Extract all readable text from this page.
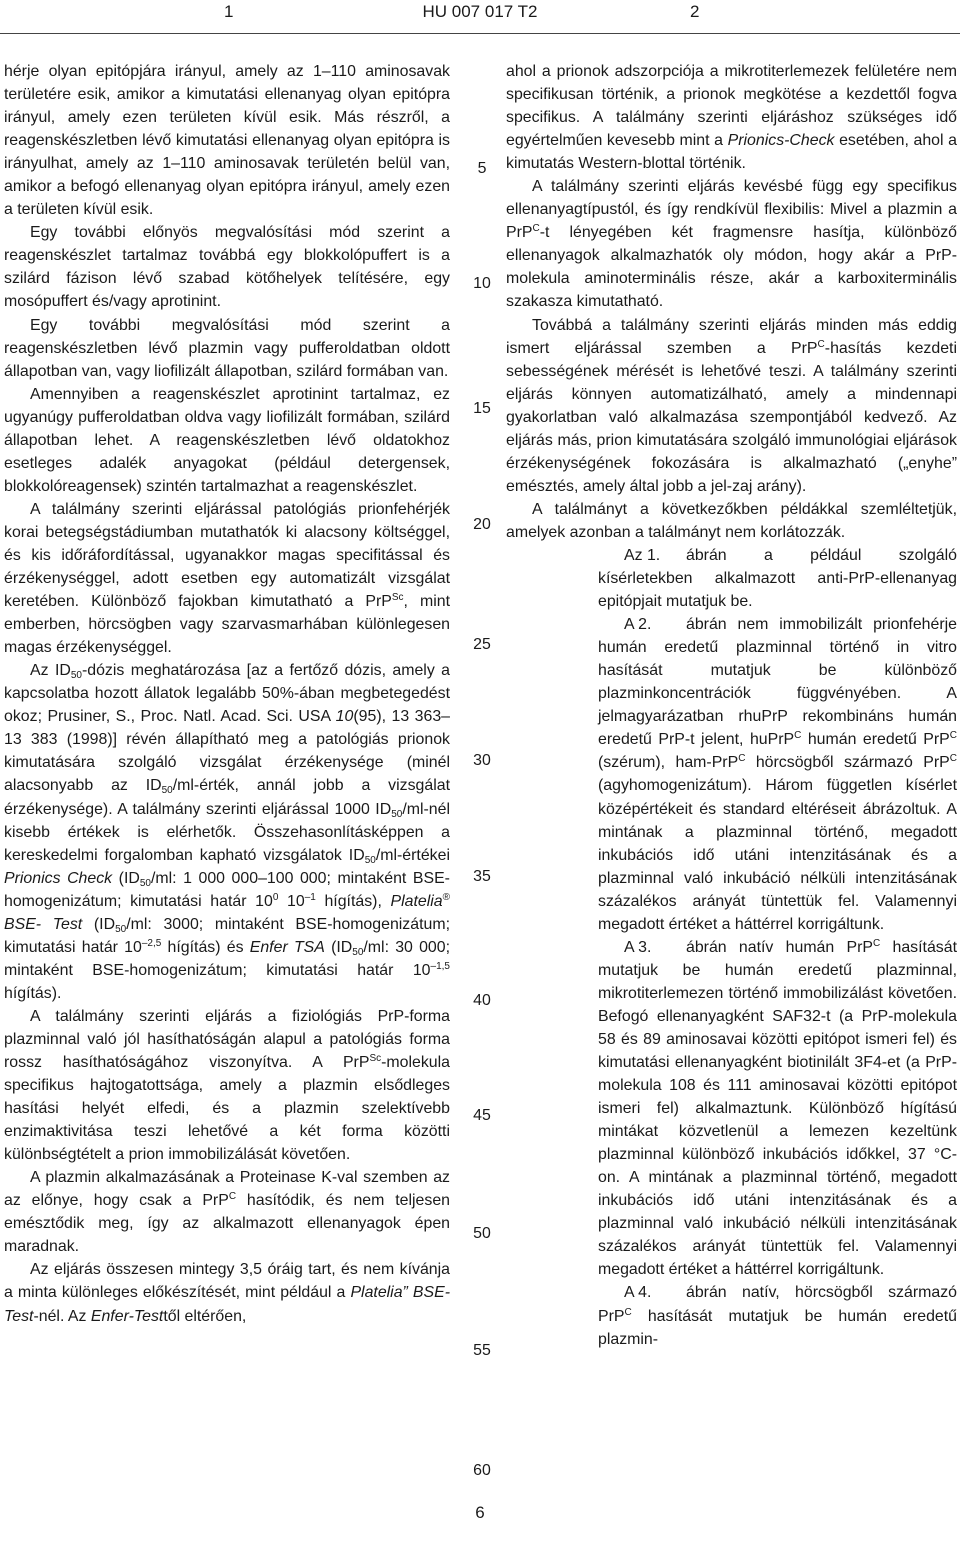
1	HU 007 017 T2	2

hérje olyan epitópjára irányul, amely az 1–110 aminosavak területére esik, amikor a kimutatási ellenanyag olyan epitópra irányul, amely ezen területen kívül esik. Más részről, a reagenskészletben lévő kimutatási ellenanyag olyan epitópra is irányulhat, amely az 1–110 aminosavak területén belül van, amikor a befogó ellenanyag olyan epitópra irányul, amely ezen a területen kívül esik.

Egy további előnyös megvalósítási mód szerint a reagenskészlet tartalmaz továbbá egy blokkolópuffert is a szilárd fázison lévő szabad kötőhelyek telítésére, egy mosópuffert és/vagy aprotinint.

Egy további megvalósítási mód szerint a reagenskészletben lévő plazmin vagy pufferoldatban oldott állapotban van, vagy liofilizált állapotban, szilárd formában van.

Amennyiben a reagenskészlet aprotinint tartalmaz, ez ugyanúgy pufferoldatban oldva vagy liofilizált formában, szilárd állapotban lehet. A reagenskészletben lévő oldatokhoz esetleges adalék anyagokat (például detergensek, blokkolóreagensek) szintén tartalmazhat a reagenskészlet.

A találmány szerinti eljárással patológiás prionfehérjék korai betegségstádiumban mutathatók ki alacsony költséggel, és kis időráfordítással, ugyanakkor magas specifitással és érzékenységgel, adott esetben egy automatizált vizsgálat keretében. Különböző fajokban kimutatható a PrP$^{Sc}$, mint emberben, hörcsögben vagy szarvasmarhában különlegesen magas érzékenységgel.

Az $ID_{50}$-dózis meghatározása [az a fertőző dózis, amely a kapcsolatba hozott állatok legalább 50%-ában megbetegedést okoz; Prusiner, S., Proc. Natl. Acad. Sci. USA 10(95), 13 363–13 383 (1998)] révén állapítható meg a patológiás prionok kimutatására szolgáló vizsgálat érzékenysége (minél alacsonyabb az $ID_{50}/ml$-érték, annál jobb a vizsgálat érzékenysége). A találmány szerinti eljárással 1000 $ID_{50}/ml$-nél kisebb értékek is elérhetők. Összehasonlításképpen a kereskedelmi forgalomban kapható vizsgálatok $ID_{50}/ml$-értékei Prionics Check ($ID_{50}/ml$: 1 000 000–100 000; mintaként BSE-homogenizátum; kimutatási határ $10^0$ $10^{-1}$ hígítás), Platelia® BSE- Test ($ID_{50}/ml$: 3000; mintaként BSE-homogenizátum; kimutatási határ $10^{-2,5}$ hígítás) és Enfer TSA ($ID_{50}/ml$: 30 000; mintaként BSE-homogenizátum; kimutatási határ $10^{-1,5}$ hígítás).

A találmány szerinti eljárás a fiziológiás PrP-forma plazminnal való jól hasíthatóságán alapul a patológiás forma rossz hasíthatóságához viszonyítva. A PrP$^{Sc}$-molekula specifikus hajtogatottsága, amely a plazmin elsődleges hasítási helyét elfedi, és a plazmin szelektívebb enzimaktivitása teszi lehetővé a két forma közötti különbségtételt a prion immobilizálását követően.

A plazmin alkalmazásának a Proteinase K-val szemben az az előnye, hogy csak a PrP$^C$ hasítódik, és nem teljesen emésztődik meg, így az alkalmazott ellenanyagok épen maradnak.

Az eljárás összesen mintegy 3,5 óráig tart, és nem kívánja a minta különleges előkészítését, mint például a Platelia” BSE-Test-nél. Az Enfer-Testtől eltérően,

5
10
15
20
25
30
35
40
45
50
55
60

ahol a prionok adszorpciója a mikrotiterlemezek felületére nem specifikusan történik, a prionok megkötése a kezdettől fogva specifikus. A találmány szerinti eljáráshoz szükséges idő egyértelműen kevesebb mint a Prionics-Check esetében, ahol a kimutatás Western-blottal történik.

A találmány szerinti eljárás kevésbé függ egy specifikus ellenanyagtípustól, és így rendkívül flexibilis: Mivel a plazmin a PrP$^C$-t lényegében két fragmensre hasítja, különböző ellenanyagok alkalmazhatók oly módon, hogy akár a PrP-molekula aminoterminális része, akár a karboxiterminális szakasza kimutatható.

Továbbá a találmány szerinti eljárás minden más eddig ismert eljárással szemben a PrP$^C$-hasítás kezdeti sebességének mérését is lehetővé teszi. A találmány szerinti eljárás könnyen automatizálható, amely a mindennapi gyakorlatban való alkalmazása szempontjából kedvező. Az eljárás más, prion kimutatására szolgáló immunológiai eljárások érzékenységének fokozására is alkalmazható („enyhe” emésztés, amely által jobb a jel-zaj arány).

A találmányt a következőkben példákkal szemléltetjük, amelyek azonban a találmányt nem korlátozzák.

Az 1. ábrán a például szolgáló kísérletekben alkalmazott anti-PrP-ellenanyag epitópjait mutatjuk be.

A 2. ábrán nem immobilizált prionfehérje humán eredetű plazminnal történő in vitro hasítását mutatjuk be különböző plazminkoncentrációk függvényében. A jelmagyarázatban rhuPrP rekombináns humán eredetű PrP-t jelent, huPrP$^C$ humán eredetű PrP$^C$ (szérum), ham-PrP$^C$ hörcsögből származó PrP$^C$ (agyhomogenizátum). Három független kísérlet középértékeit és standard eltéréseit ábrázoltuk. A mintának a plazminnal történő, megadott inkubációs idő utáni intenzitásának és a plazminnal való inkubáció nélküli intenzitásának százalékos arányát tüntettük fel. Valamennyi megadott értéket a háttérrel korrigáltunk.

A 3. ábrán natív humán PrP$^C$ hasítását mutatjuk be humán eredetű plazminnal, mikrotiterlemezen történő immobilizálást követően. Befogó ellenanyagként SAF32-t (a PrP-molekula 58 és 89 aminosavai közötti epitópot ismeri fel) és kimutatási ellenanyagként biotinilált 3F4-et (a PrP-molekula 108 és 111 aminosavai közötti epitópot ismeri fel) alkalmaztunk. Különböző hígítású mintákat közvetlenül a lemezen kezeltünk plazminnal különböző inkubációs időkkel, 37 °C-on. A mintának a plazminnal történő, megadott inkubációs idő utáni intenzitásának és a plazminnal való inkubáció nélküli intenzitásának százalékos arányát tüntettük fel. Valamennyi megadott értéket a háttérrel korrigáltunk.

A 4. ábrán natív, hörcsögből származó PrP$^C$ hasítását mutatjuk be humán eredetű plazmin-

6
